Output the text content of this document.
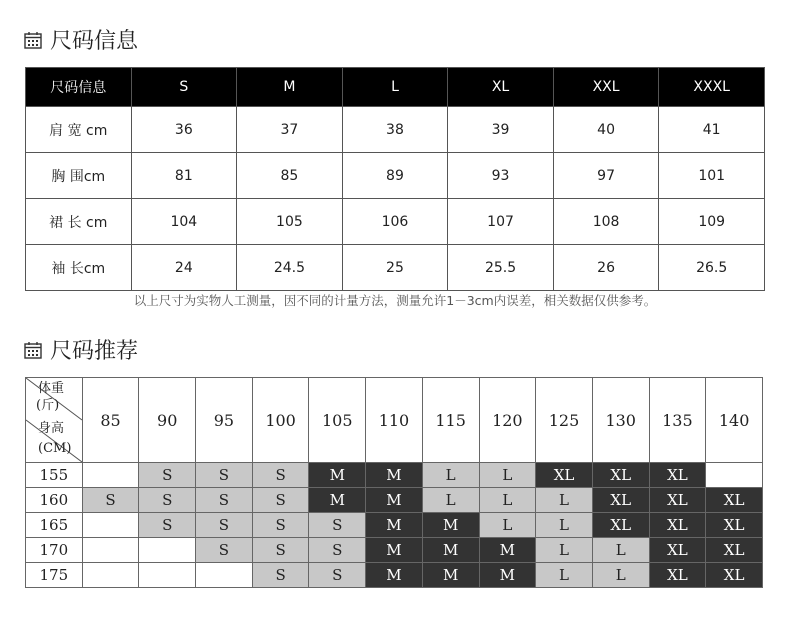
尺码信息
尺码信息	S	M	L	XL	XXL	XXXL
肩 宽 cm	36	37	38	39	40	41
胸 围cm	81	85	89	93	97	101
裙 长 cm	104	105	106	107	108	109
袖 长cm	24	24.5	25	25.5	26	26.5
以上尺寸为实物人工测量，因不同的计量方法，测量允许1－3cm内误差，相关数据仅供参考。
尺码推荐
体重
(斤)
身高
(CM)	85	90	95	100	105	110	115	120	125	130	135	140
155		S	S	S	M	M	L	L	XL	XL	XL	
160	S	S	S	S	M	M	L	L	L	XL	XL	XL
165		S	S	S	S	M	M	L	L	XL	XL	XL
170			S	S	S	M	M	M	L	L	XL	XL
175				S	S	M	M	M	L	L	XL	XL
